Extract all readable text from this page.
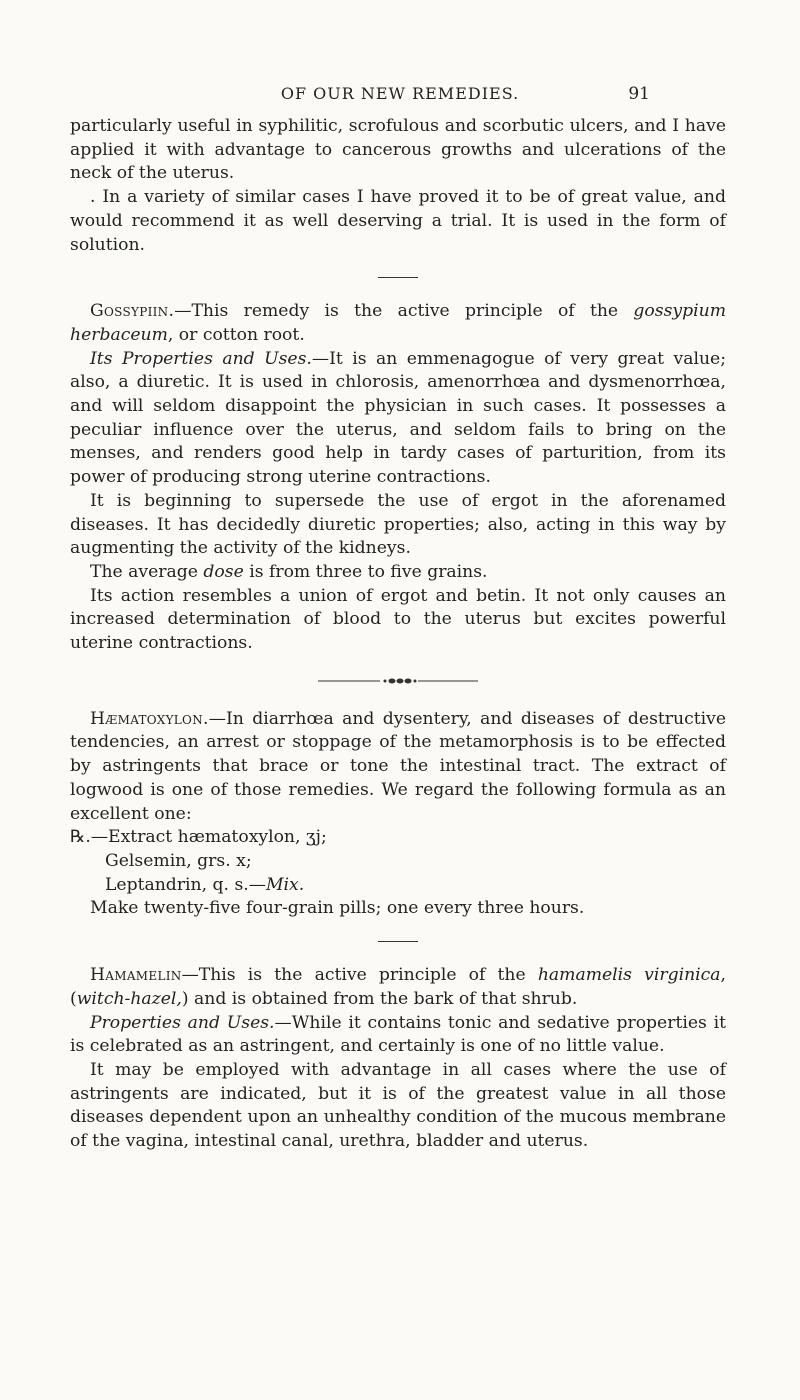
OF OUR NEW REMEDIES.	91

particularly useful in syphilitic, scrofulous and scorbutic ulcers, and I have applied it with advantage to cancerous growths and ulcerations of the neck of the uterus.

. In a variety of similar cases I have proved it to be of great value, and would recommend it as well deserving a trial. It is used in the form of solution.

Gossypiin.—This remedy is the active principle of the gossypium herbaceum, or cotton root.

Its Properties and Uses.—It is an emmenagogue of very great value; also, a diuretic. It is used in chlorosis, amenorrhœa and dysmenorrhœa, and will seldom disappoint the physician in such cases. It possesses a peculiar influence over the uterus, and seldom fails to bring on the menses, and renders good help in tardy cases of parturition, from its power of producing strong uterine contractions.

It is beginning to supersede the use of ergot in the aforenamed diseases. It has decidedly diuretic properties; also, acting in this way by augmenting the activity of the kidneys.

The average dose is from three to five grains.

Its action resembles a union of ergot and betin. It not only causes an increased determination of blood to the uterus but excites powerful uterine contractions.

Hæmatoxylon.—In diarrhœa and dysentery, and diseases of destructive tendencies, an arrest or stoppage of the metamorphosis is to be effected by astringents that brace or tone the intestinal tract. The extract of logwood is one of those remedies. We regard the following formula as an excellent one:

℞.—Extract hæmatoxylon, ʒj;
Gelsemin, grs. x;
Leptandrin, q. s.—Mix.

Make twenty-five four-grain pills; one every three hours.

Hamamelin—This is the active principle of the hamamelis virginica, (witch-hazel,) and is obtained from the bark of that shrub.

Properties and Uses.—While it contains tonic and sedative properties it is celebrated as an astringent, and certainly is one of no little value.

It may be employed with advantage in all cases where the use of astringents are indicated, but it is of the greatest value in all those diseases dependent upon an unhealthy condition of the mucous membrane of the vagina, intestinal canal, urethra, bladder and uterus.
